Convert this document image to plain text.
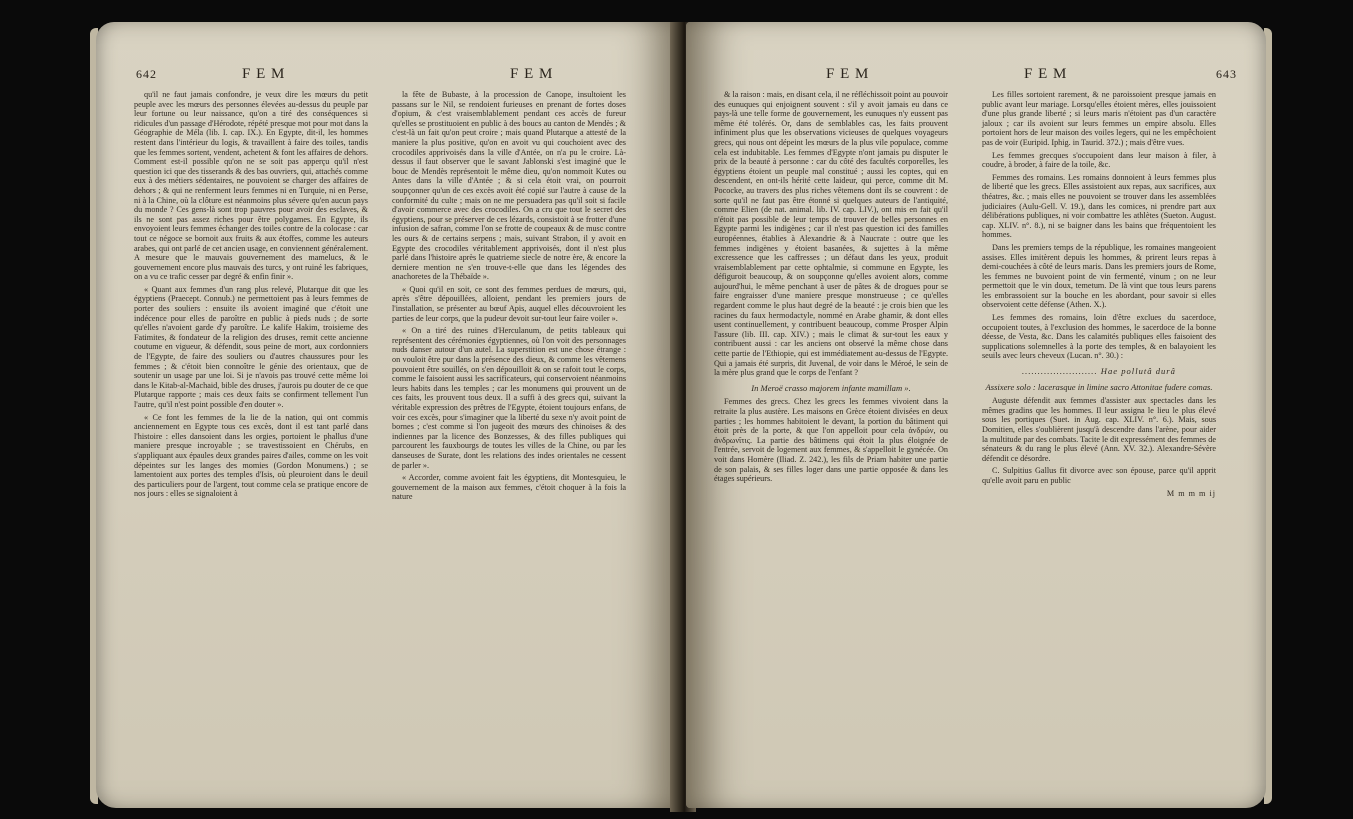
642	F E M	F E M

qu'il ne faut jamais confondre, je veux dire les mœurs du petit peuple avec les mœurs des personnes élevées au-dessus du peuple par leur fortune ou leur naissance, qu'on a tiré des conséquences si ridicules d'un passage d'Hérodote, répété presque mot pour mot dans la Géographie de Méla (lib. I. cap. IX.). En Egypte, dit-il, les hommes restent dans l'intérieur du logis, & travaillent à faire des toiles, tandis que les femmes sortent, vendent, achetent & font les affaires de dehors. Comment est-il possible qu'on ne se soit pas apperçu qu'il n'est question ici que des tisserands & des bas ouvriers, qui, attachés comme eux à des métiers sédentaires, ne pouvoient se charger des affaires de dehors ; & qui ne renferment leurs femmes ni en Turquie, ni en Perse, ni à la Chine, où la clôture est néanmoins plus sévere qu'en aucun pays du monde ? Ces gens-là sont trop pauvres pour avoir des esclaves, & ils ne sont pas assez riches pour être polygames. En Egypte, ils envoyoient leurs femmes échanger des toiles contre de la colocase : car tout ce négoce se bornoit aux fruits & aux étoffes, comme les auteurs arabes, qui ont parlé de cet ancien usage, en conviennent généralement. A mesure que le mauvais gouvernement des mamelucs, & le gouvernement encore plus mauvais des turcs, y ont ruiné les fabriques, on a vu ce trafic cesser par degré & enfin finir ».

« Quant aux femmes d'un rang plus relevé, Plutarque dit que les égyptiens (Praecept. Connub.) ne permettoient pas à leurs femmes de porter des souliers : ensuite ils avoient imaginé que c'étoit une indécence pour elles de paroître en public à pieds nuds ; de sorte qu'elles n'avoient garde d'y paroître. Le kalife Hakim, troisieme des Fatimites, & fondateur de la religion des druses, remit cette ancienne coutume en vigueur, & défendit, sous peine de mort, aux cordonniers de l'Egypte, de faire des souliers ou d'autres chaussures pour les femmes ; & c'étoit bien connoître le génie des orientaux, que de soutenir un usage par une loi. Si je n'avois pas trouvé cette même loi dans le Kitab-al-Machaid, bible des druses, j'aurois pu douter de ce que Plutarque rapporte ; mais ces deux faits se confirment tellement l'un l'autre, qu'il n'est point possible d'en douter ».

« Ce font les femmes de la lie de la nation, qui ont commis anciennement en Egypte tous ces excès, dont il est tant parlé dans l'histoire : elles dansoient dans les orgies, portoient le phallus d'une maniere presque incroyable ; se travestissoient en Chérubs, en s'appliquant aux épaules deux grandes paires d'ailes, comme on les voit dépeintes sur les langes des momies (Gordon Monumens.) ; se lamentoient aux portes des temples d'Isis, où pleuroient dans le deuil des particuliers pour de l'argent, tout comme cela se pratique encore de nos jours : elles se signaloient à

la fête de Bubaste, à la procession de Canope, insultoient les passans sur le Nil, se rendoient furieuses en prenant de fortes doses d'opium, & c'est vraisemblablement pendant ces accès de fureur qu'elles se prostituoient en public à des boucs au canton de Mendès ; & c'est-là un fait qu'on peut croire ; mais quand Plutarque a attesté de la maniere la plus positive, qu'on en avoit vu qui couchoient avec des crocodiles apprivoisés dans la ville d'Antée, on n'a pu le croire. Là-dessus il faut observer que le savant Jablonski s'est imaginé que le bouc de Mendès représentoit le même dieu, qu'on nommoit Kutes ou Antes dans la ville d'Antée ; & si cela étoit vrai, on pourroit soupçonner qu'un de ces excès avoit été copié sur l'autre à cause de la conformité du culte ; mais on ne me persuadera pas qu'il soit si facile d'avoir commerce avec des crocodiles. On a cru que tout le secret des égyptiens, pour se préserver de ces lézards, consistoit à se frotter d'une infusion de safran, comme l'on se frotte de coupeaux & de musc contre les ours & de certains serpens ; mais, suivant Strabon, il y avoit en Egypte des crocodiles véritablement apprivoisés, dont il n'est plus parlé dans l'histoire après le quatrieme siecle de notre ère, & encore la derniere mention ne s'en trouve-t-elle que dans les légendes des anachoretes de la Thébaïde ».

« Quoi qu'il en soit, ce sont des femmes perdues de mœurs, qui, après s'être dépouillées, alloient, pendant les premiers jours de l'installation, se présenter au bœuf Apis, auquel elles découvroient les parties de leur corps, que la pudeur devoit sur-tout leur faire voiler ».

« On a tiré des ruines d'Herculanum, de petits tableaux qui représentent des cérémonies égyptiennes, où l'on voit des personnages nuds danser autour d'un autel. La superstition est une chose étrange : on vouloit être pur dans la présence des dieux, & comme les vêtemens pouvoient être souillés, on s'en dépouilloit & on se rafoit tout le corps, comme le faisoient aussi les sacrificateurs, qui conservoient néanmoins leurs habits dans les temples ; car les monumens qui prouvent un de ces faits, les prouvent tous deux. Il a suffi à des grecs qui, suivant la véritable expression des prêtres de l'Egypte, étoient toujours enfans, de voir ces excès, pour s'imaginer que la liberté du sexe n'y avoit point de bornes ; c'est comme si l'on jugeoit des mœurs des chinoises & des indiennes par la licence des Bonzesses, & des filles publiques qui parcourent les fauxbourgs de toutes les villes de la Chine, ou par les danseuses de Surate, dont les relations des indes orientales ne cessent de parler ».

« Accorder, comme avoient fait les égyptiens, dit Montesquieu, le gouvernement de la maison aux femmes, c'étoit choquer à la fois la nature

F E M	F E M	643

& la raison : mais, en disant cela, il ne réfléchissoit point au pouvoir des eunuques qui enjoignent souvent : s'il y avoit jamais eu dans ce pays-là une telle forme de gouvernement, les eunuques n'y eussent pas même été tolérés. Or, dans de semblables cas, les faits prouvent infiniment plus que les observations vicieuses de quelques voyageurs grecs, qui nous ont dépeint les mœurs de la plus vile populace, comme cela est indubitable. Les femmes d'Egypte n'ont jamais pu disputer le prix de la beauté à personne : car du côté des facultés corporelles, les égyptiens étoient un peuple mal constitué ; aussi les coptes, qui en descendent, en ont-ils hérité cette laideur, qui perce, comme dit M. Pococke, au travers des plus riches vêtemens dont ils se couvrent : de sorte qu'il ne faut pas être étonné si quelques auteurs de l'antiquité, comme Elien (de nat. animal. lib. IV. cap. LIV.), ont mis en fait qu'il n'étoit pas possible de leur temps de trouver de belles personnes en Egypte parmi les indigènes ; car il n'est pas question ici des familles européennes, établies à Alexandrie & à Naucrate : outre que les femmes indigènes y étoient basanées, & sujettes à la même excressence que les caffresses ; un défaut dans les yeux, produit vraisemblablement par cette ophtalmie, si commune en Egypte, les défiguroit beaucoup, & on soupçonne qu'elles avoient alors, comme aujourd'hui, le même penchant à user de pâtes & de drogues pour se faire engraisser d'une maniere presque monstrueuse ; ce qu'elles regardent comme le plus haut degré de la beauté : je crois bien que les racines du faux hermodactyle, nommé en Arabe ghamir, & dont elles usent continuellement, y contribuent beaucoup, comme Prosper Alpin l'assure (lib. III. cap. XIV.) ; mais le climat & sur-tout les eaux y contribuent aussi : car les anciens ont observé la même chose dans cette partie de l'Ethiopie, qui est immédiatement au-dessus de l'Egypte. Qui a jamais été surpris, dit Juvenal, de voir dans le Méroé, le sein de la mère plus grand que le corps de l'enfant ?

In Meroë crasso majorem infante mamillam ».

Femmes des grecs. Chez les grecs les femmes vivoient dans la retraite la plus austère. Les maisons en Grèce étoient divisées en deux parties ; les hommes habitoient le devant, la portion du bâtiment qui étoit près de la porte, & que l'on appelloit pour cela ἀνδρών, ou ἀνδρωνῖτις. La partie des bâtimens qui étoit la plus éloignée de l'entrée, servoit de logement aux femmes, & s'appelloit le gynécée. On voit dans Homère (Iliad. Ζ. 242.), les fils de Priam habiter une partie de son palais, & ses filles loger dans une partie opposée & dans les étages supérieurs.

Les filles sortoient rarement, & ne paroissoient presque jamais en public avant leur mariage. Lorsqu'elles étoient mères, elles jouissoient d'une plus grande liberté ; si leurs maris n'étoient pas d'un caractère jaloux ; car ils avoient sur leurs femmes un empire absolu. Elles portoient hors de leur maison des voiles legers, qui ne les empêchoient pas de voir (Euripid. Iphig. in Taurid. 372.) ; mais d'être vues.

Les femmes grecques s'occupoient dans leur maison à filer, à coudre, à broder, à faire de la toile, &c.

Femmes des romains. Les romains donnoient à leurs femmes plus de liberté que les grecs. Elles assistoient aux repas, aux sacrifices, aux théatres, &c. ; mais elles ne pouvoient se trouver dans les assemblées judiciaires (Aulu-Gell. V. 19.), dans les comices, ni prendre part aux délibérations publiques, ni voir combattre les athlètes (Sueton. August. cap. XLIV. n°. 8.), ni se baigner dans les bains que fréquentoient les hommes.

Dans les premiers temps de la république, les romaines mangeoient assises. Elles imitèrent depuis les hommes, & prirent leurs repas à demi-couchées à côté de leurs maris. Dans les premiers jours de Rome, les femmes ne buvoient point de vin fermenté, vinum ; on ne leur permettoit que le vin doux, temetum. De là vint que tous leurs parens les embrassoient sur la bouche en les abordant, pour savoir si elles observoient cette défense (Athen. X.).

Les femmes des romains, loin d'être exclues du sacerdoce, occupoient toutes, à l'exclusion des hommes, le sacerdoce de la bonne déesse, de Vesta, &c. Dans les calamités publiques elles faisoient des supplications solemnelles à la porte des temples, & en balayoient les seuils avec leurs cheveux (Lucan. n°. 30.) :

........................ Hae pollutâ durâ

Assixere solo : lacerasque in limine sacro Attonitae fudere comas.

Auguste défendit aux femmes d'assister aux spectacles dans les mêmes gradins que les hommes. Il leur assigna le lieu le plus élevé sous les portiques (Suet. in Aug. cap. XLIV. n°. 6.). Mais, sous Domitien, elles s'oublièrent jusqu'à descendre dans l'arène, pour aider la multitude par des combats. Tacite le dit expressément des femmes de sénateurs & du rang le plus élevé (Ann. XV. 32.). Alexandre-Sévère défendit ce désordre.

C. Sulpitius Gallus fit divorce avec son épouse, parce qu'il apprit qu'elle avoit paru en public

M m m m ij
